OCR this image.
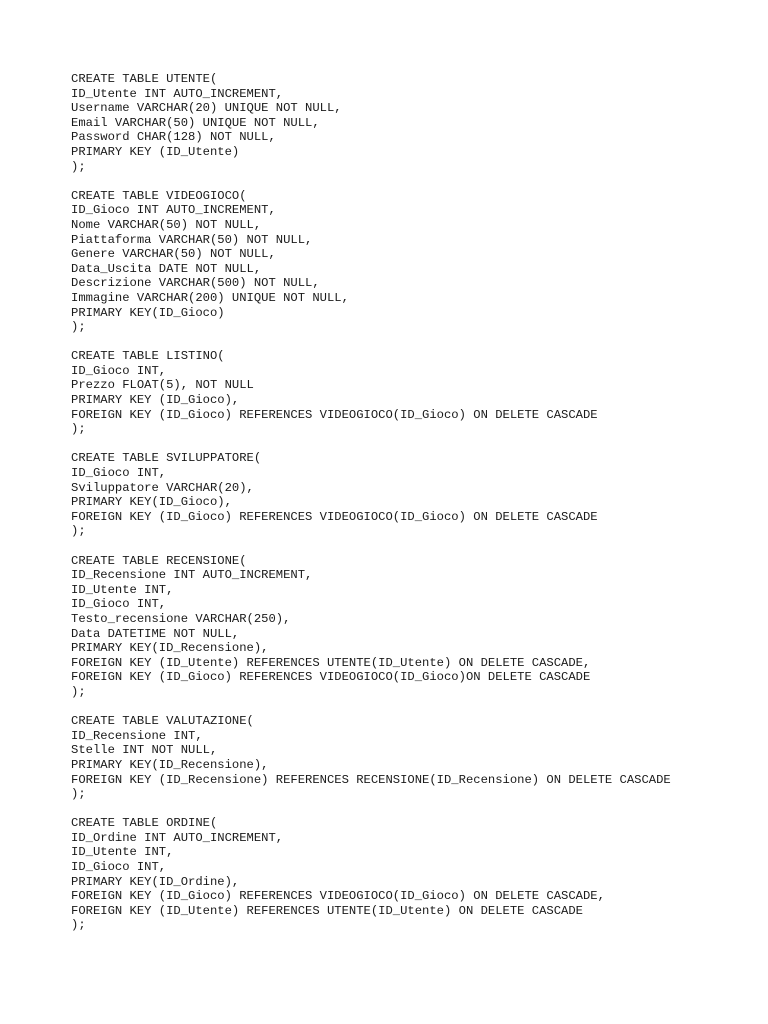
CREATE TABLE UTENTE(
ID_Utente INT AUTO_INCREMENT,
Username VARCHAR(20) UNIQUE NOT NULL,
Email VARCHAR(50) UNIQUE NOT NULL,
Password CHAR(128) NOT NULL,
PRIMARY KEY (ID_Utente)
);
CREATE TABLE VIDEOGIOCO(
ID_Gioco INT AUTO_INCREMENT,
Nome VARCHAR(50) NOT NULL,
Piattaforma VARCHAR(50) NOT NULL,
Genere VARCHAR(50) NOT NULL,
Data_Uscita DATE NOT NULL,
Descrizione VARCHAR(500) NOT NULL,
Immagine VARCHAR(200) UNIQUE NOT NULL,
PRIMARY KEY(ID_Gioco)
);
CREATE TABLE LISTINO(
ID_Gioco INT,
Prezzo FLOAT(5), NOT NULL
PRIMARY KEY (ID_Gioco),
FOREIGN KEY (ID_Gioco) REFERENCES VIDEOGIOCO(ID_Gioco) ON DELETE CASCADE
);
CREATE TABLE SVILUPPATORE(
ID_Gioco INT,
Sviluppatore VARCHAR(20),
PRIMARY KEY(ID_Gioco),
FOREIGN KEY (ID_Gioco) REFERENCES VIDEOGIOCO(ID_Gioco) ON DELETE CASCADE
);
CREATE TABLE RECENSIONE(
ID_Recensione INT AUTO_INCREMENT,
ID_Utente INT,
ID_Gioco INT,
Testo_recensione VARCHAR(250),
Data DATETIME NOT NULL,
PRIMARY KEY(ID_Recensione),
FOREIGN KEY (ID_Utente) REFERENCES UTENTE(ID_Utente) ON DELETE CASCADE,
FOREIGN KEY (ID_Gioco) REFERENCES VIDEOGIOCO(ID_Gioco)ON DELETE CASCADE
);
CREATE TABLE VALUTAZIONE(
ID_Recensione INT,
Stelle INT NOT NULL,
PRIMARY KEY(ID_Recensione),
FOREIGN KEY (ID_Recensione) REFERENCES RECENSIONE(ID_Recensione) ON DELETE CASCADE
);
CREATE TABLE ORDINE(
ID_Ordine INT AUTO_INCREMENT,
ID_Utente INT,
ID_Gioco INT,
PRIMARY KEY(ID_Ordine),
FOREIGN KEY (ID_Gioco) REFERENCES VIDEOGIOCO(ID_Gioco) ON DELETE CASCADE,
FOREIGN KEY (ID_Utente) REFERENCES UTENTE(ID_Utente) ON DELETE CASCADE
);
